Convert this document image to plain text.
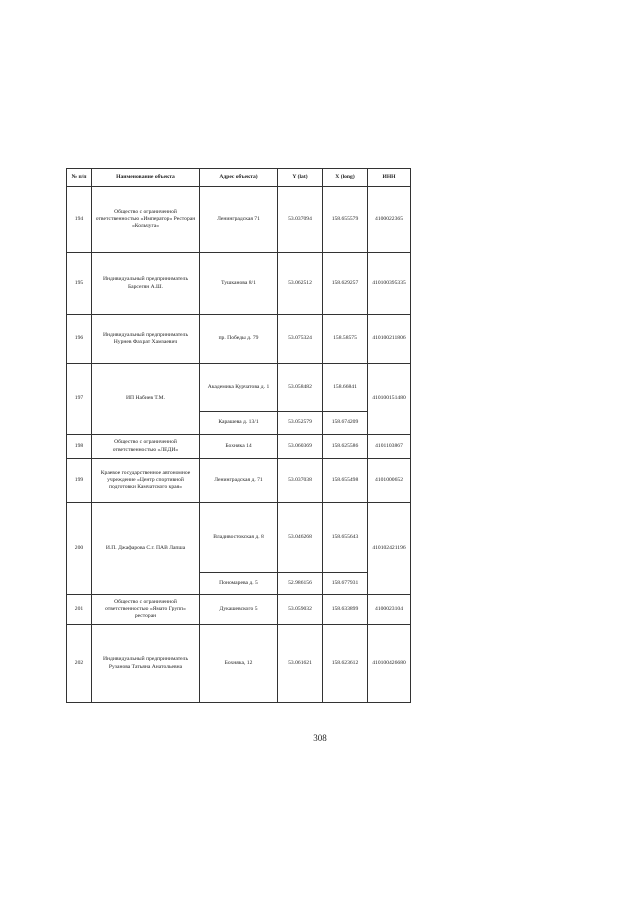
№ п/п	Наименование объекта	Адрес объекта)	Y (lat)	X (long)	ИНН
194	Общество с ограниченной ответственностью «Император» Ресторан «Кольчуга»	Ленинградская 71	53.037094	158.655579	4100022365
195	Индивидуальный предприниматель Барсегян А.Ш.	Тушканова 8/1	53.062512	158.629257	410100395335
196	Индивидуальный предприниматель Нурнев Фахрат Хамзаевич	пр. Победы д. 79	53.075324	158.58575	410100211806
197	ИП Набиев Т.М.	Академика Курчатова д. 1	53.058482	158.66841	410100151480
		Карашева д. 13/1	53.052579	158.674209	
198	Общество с ограниченной ответственностью «ЛЕДИ»	Бохняка 14	53.060369	158.625586	4101103867
199	Краевое государственное автономное учреждение «Центр спортивной подготовки Камчатского края»	Ленинградская д. 71	53.037038	158.655498	4101000652
200	И.П. Джафарова С.г. ПАВ Лапша	Владивостокская д. 8	53.046268	158.655643	410102421196
		Пономарева д. 5	52.986156	158.677931	
201	Общество с ограниченной ответственностью «Ямато Групп» ресторан	Дукашевского 5	53.059032	158.633899	4100023104
202	Индивидуальный предприниматель Рузанова Татьяна Анатольевна	Бохняка, 12	53.061621	158.623612	410100426680
308
